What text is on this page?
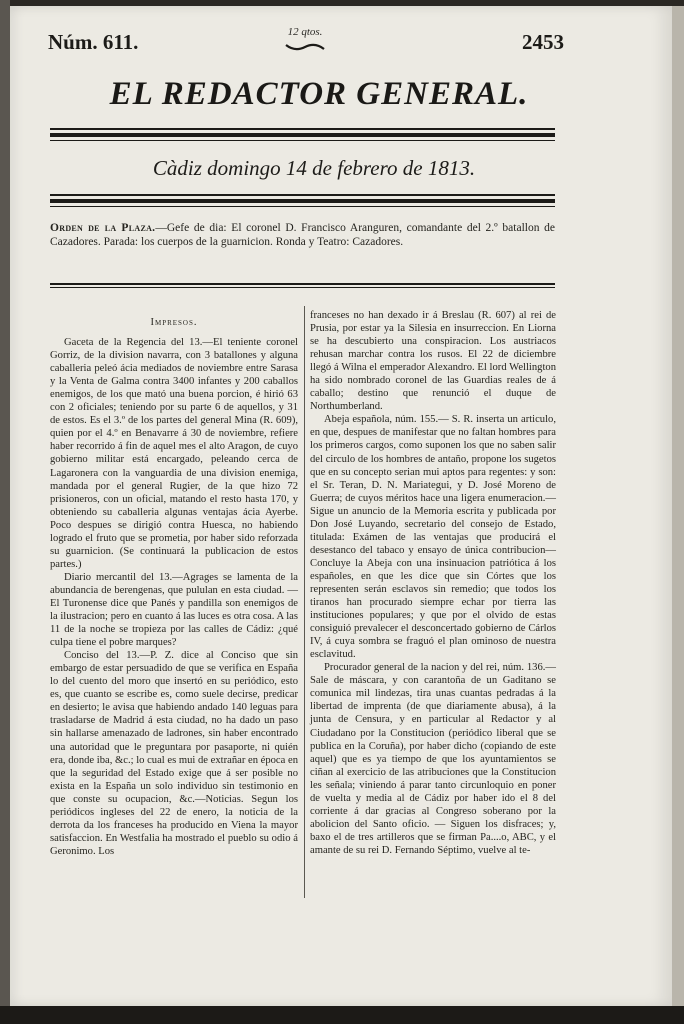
Núm. 611.	12 qtos.	2453
EL REDACTOR GENERAL.
Càdiz domingo 14 de febrero de 1813.
Orden de la Plaza.—Gefe de dia: El coronel D. Francisco Aranguren, comandante del 2.º batallon de Cazadores. Parada: los cuerpos de la guarnicion. Ronda y Teatro: Cazadores.

Impresos.

Gaceta de la Regencia del 13.—El teniente coronel Gorriz, de la division navarra, con 3 batallones y alguna caballeria peleó ácia mediados de noviembre entre Sarasa y la Venta de Galma contra 3400 infantes y 200 caballos enemigos, de los que mató una buena porcion, é hirió 63 con 2 oficiales; teniendo por su parte 6 de aquellos, y 31 de estos. Es el 3.º de los partes del general Mina (R. 609), quien por el 4.º en Benavarre á 30 de noviembre, refiere haber recorrido á fin de aquel mes el alto Aragon, de cuyo gobierno militar está encargado, peleando cerca de Lagaronera con la vanguardia de una division enemiga, mandada por el general Rugier, de la que hizo 72 prisioneros, con un oficial, matando el resto hasta 170, y obteniendo su caballeria algunas ventajas ácia Ayerbe. Poco despues se dirigió contra Huesca, no habiendo logrado el fruto que se prometia, por haber sido reforzada su guarnicion. (Se continuará la publicacion de estos partes.)

Diario mercantil del 13.—Agrages se lamenta de la abundancia de berengenas, que pululan en esta ciudad. — El Turonense dice que Panés y pandilla son enemigos de la ilustracion; pero en cuanto á las luces es otra cosa. A las 11 de la noche se tropieza por las calles de Cádiz: ¿qué culpa tiene el pobre marques?

Conciso del 13.—P. Z. dice al Conciso que sin embargo de estar persuadido de que se verifica en España lo del cuento del moro que insertó en su periódico, esto es, que cuanto se escribe es, como suele decirse, predicar en desierto; le avisa que habiendo andado 140 leguas para trasladarse de Madrid á esta ciudad, no ha dado un paso sin hallarse amenazado de ladrones, sin haber encontrado una autoridad que le preguntara por pasaporte, ni quién era, donde iba, &c.; lo cual es mui de extrañar en época en que la seguridad del Estado exige que á ser posible no exista en la España un solo individuo sin testimonio en que conste su ocupacion, &c.—Noticias. Segun los periódicos ingleses del 22 de enero, la noticia de la derrota da los franceses ha producido en Viena la mayor satisfaccion. En Westfalia ha mostrado el pueblo su odio á Geronimo. Los

franceses no han dexado ir á Breslau (R. 607) al rei de Prusia, por estar ya la Silesia en insurreccion. En Liorna se ha descubierto una conspiracion. Los austriacos rehusan marchar contra los rusos. El 22 de diciembre llegó á Wilna el emperador Alexandro. El lord Wellington ha sido nombrado coronel de las Guardias reales de á caballo; destino que renunció el duque de Northumberland.

Abeja española, núm. 155.— S. R. inserta un articulo, en que, despues de manifestar que no faltan hombres para los primeros cargos, como suponen los que no saben salir del circulo de los hombres de antaño, propone los sugetos que en su concepto serian mui aptos para regentes: y son: el Sr. Teran, D. N. Mariategui, y D. José Moreno de Guerra; de cuyos méritos hace una ligera enumeracion.—Sigue un anuncio de la Memoria escrita y publicada por Don José Luyando, secretario del consejo de Estado, titulada: Exámen de las ventajas que producirá el desestanco del tabaco y ensayo de única contribucion—Concluye la Abeja con una insinuacion patriótica á los españoles, en que les dice que sin Córtes que los representen serán esclavos sin remedio; que todos los tiranos han procurado siempre echar por tierra las instituciones populares; y que por el olvido de estas consiguió prevalecer el desconcertado gobierno de Cárlos IV, á cuya sombra se fraguó el plan ominoso de nuestra esclavitud.

Procurador general de la nacion y del rei, núm. 136.—Sale de máscara, y con carantoña de un Gaditano se comunica mil lindezas, tira unas cuantas pedradas á la libertad de imprenta (de que diariamente abusa), á la junta de Censura, y en particular al Redactor y al Ciudadano por la Constitucion (periódico liberal que se publica en la Coruña), por haber dicho (copiando de este aquel) que es ya tiempo de que los ayuntamientos se ciñan al exercicio de las atribuciones que la Constitucion les señala; viniendo á parar tanto circunloquio en poner de vuelta y media al de Cádiz por haber ido el 8 del corriente á dar gracias al Congreso soberano por la abolicion del Santo oficio. — Siguen los disfraces; y, baxo el de tres artilleros que se firman Pa....o, ABC, y el amante de su rei D. Fernando Séptimo, vuelve al te-
